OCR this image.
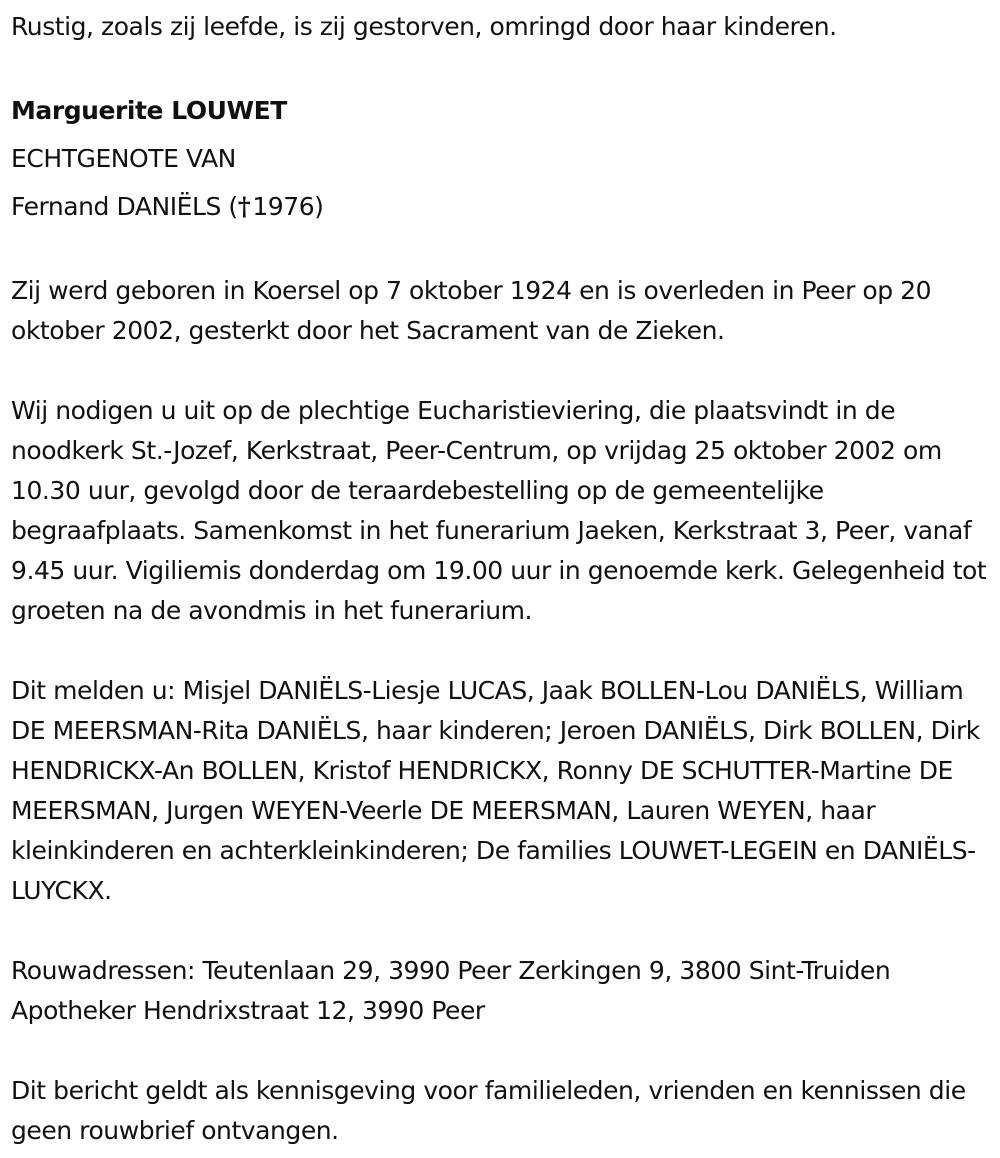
Rustig, zoals zij leefde, is zij gestorven, omringd door haar kinderen.

Marguerite LOUWET

ECHTGENOTE VAN

Fernand DANIËLS (†1976)

Zij werd geboren in Koersel op 7 oktober 1924 en is overleden in Peer op 20 oktober 2002, gesterkt door het Sacrament van de Zieken.

Wij nodigen u uit op de plechtige Eucharistieviering, die plaatsvindt in de noodkerk St.-Jozef, Kerkstraat, Peer-Centrum, op vrijdag 25 oktober 2002 om 10.30 uur, gevolgd door de teraardebestelling op de gemeentelijke begraafplaats. Samenkomst in het funerarium Jaeken, Kerkstraat 3, Peer, vanaf 9.45 uur. Vigiliemis donderdag om 19.00 uur in genoemde kerk. Gelegenheid tot groeten na de avondmis in het funerarium.

Dit melden u: Misjel DANIËLS-Liesje LUCAS, Jaak BOLLEN-Lou DANIËLS, William DE MEERSMAN-Rita DANIËLS, haar kinderen; Jeroen DANIËLS, Dirk BOLLEN, Dirk HENDRICKX-An BOLLEN, Kristof HENDRICKX, Ronny DE SCHUTTER-Martine DE MEERSMAN, Jurgen WEYEN-Veerle DE MEERSMAN, Lauren WEYEN, haar kleinkinderen en achterkleinkinderen; De families LOUWET-LEGEIN en DANIËLS-LUYCKX.

Rouwadressen: Teutenlaan 29, 3990 Peer Zerkingen 9, 3800 Sint-Truiden Apotheker Hendrixstraat 12, 3990 Peer

Dit bericht geldt als kennisgeving voor familieleden, vrienden en kennissen die geen rouwbrief ontvangen.
